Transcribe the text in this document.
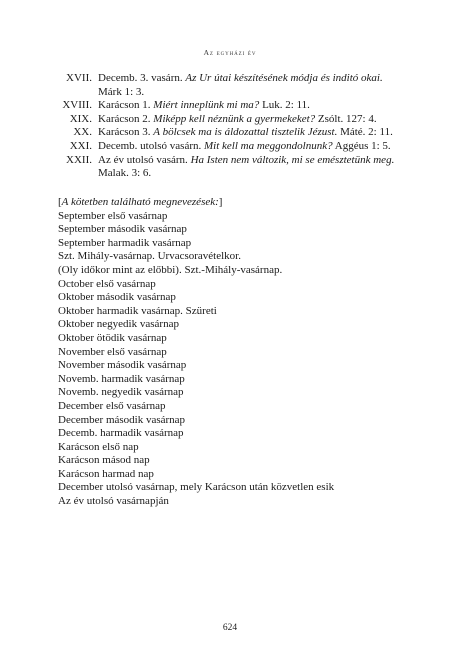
Az egyházi év
XVII. Decemb. 3. vasárn. Az Ur útai készítésének módja és inditó okai.
Márk 1: 3.
XVIII. Karácson 1. Miért inneplünk mi ma? Luk. 2: 11.
XIX. Karácson 2. Miképp kell néznünk a gyermekeket? Zsólt. 127: 4.
XX. Karácson 3. A bölcsek ma is áldozattal tisztelik Jézust. Máté. 2: 11.
XXI. Decemb. utolsó vasárn. Mit kell ma meggondolnunk? Aggéus 1: 5.
XXII. Az év utolsó vasárn. Ha Isten nem változik, mi se emésztetünk meg.
Malak. 3: 6.
[A kötetben található megnevezések:]
September első vasárnap
September második vasárnap
September harmadik vasárnap
Szt. Mihály-vasárnap. Urvacsoravételkor.
(Oly időkor mint az előbbi). Szt.-Mihály-vasárnap.
October első vasárnap
Oktober második vasárnap
Oktober harmadik vasárnap. Szüreti
Oktober negyedik vasárnap
Oktober ötödik vasárnap
November első vasárnap
November második vasárnap
Novemb. harmadik vasárnap
Novemb. negyedik vasárnap
December első vasárnap
December második vasárnap
Decemb. harmadik vasárnap
Karácson első nap
Karácson másod nap
Karácson harmad nap
December utolsó vasárnap, mely Karácson után közvetlen esik
Az év utolsó vasárnapján
624
